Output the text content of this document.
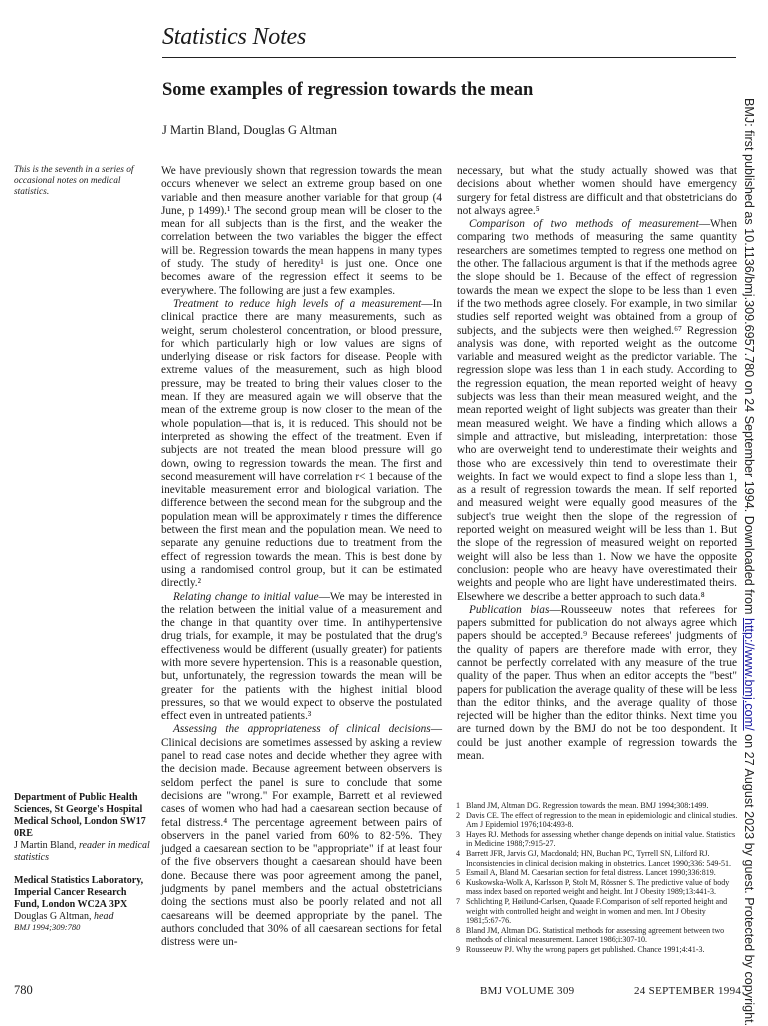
Statistics Notes
Some examples of regression towards the mean
J Martin Bland, Douglas G Altman
This is the seventh in a series of occasional notes on medical statistics.

We have previously shown that regression towards the mean occurs whenever we select an extreme group based on one variable and then measure another variable for that group (4 June, p 1499).¹ The second group mean will be closer to the mean for all subjects than is the first, and the weaker the correlation between the two variables the bigger the effect will be. Regression towards the mean happens in many types of study. The study of heredity¹ is just one. Once one becomes aware of the regression effect it seems to be everywhere. The following are just a few examples.

Treatment to reduce high levels of a measurement—In clinical practice there are many measurements, such as weight, serum cholesterol concentration, or blood pressure, for which particularly high or low values are signs of underlying disease or risk factors for disease. People with extreme values of the measurement, such as high blood pressure, may be treated to bring their values closer to the mean. If they are measured again we will observe that the mean of the extreme group is now closer to the mean of the whole population—that is, it is reduced. This should not be interpreted as showing the effect of the treatment. Even if subjects are not treated the mean blood pressure will go down, owing to regression towards the mean. The first and second measurement will have correlation r< 1 because of the inevitable measurement error and biological variation. The difference between the second mean for the subgroup and the population mean will be approximately r times the difference between the first mean and the population mean. We need to separate any genuine reductions due to treatment from the effect of regression towards the mean. This is best done by using a randomised control group, but it can be estimated directly.²

Relating change to initial value—We may be interested in the relation between the initial value of a measurement and the change in that quantity over time. In antihypertensive drug trials, for example, it may be postulated that the drug's effectiveness would be different (usually greater) for patients with more severe hypertension. This is a reasonable question, but, unfortunately, the regression towards the mean will be greater for the patients with the highest initial blood pressures, so that we would expect to observe the postulated effect even in untreated patients.³

Assessing the appropriateness of clinical decisions—Clinical decisions are sometimes assessed by asking a review panel to read case notes and decide whether they agree with the decision made. Because agreement between observers is seldom perfect the panel is sure to conclude that some decisions are "wrong." For example, Barrett et al reviewed cases of women who had had a caesarean section because of fetal distress.⁴ The percentage agreement between pairs of observers in the panel varied from 60% to 82·5%. They judged a caesarean section to be "appropriate" if at least four of the five observers thought a caesarean should have been done. Because there was poor agreement among the panel, judgments by panel members and the actual obstetricians doing the sections must also be poorly related and not all caesareans will be deemed appropriate by the panel. The authors concluded that 30% of all caesarean sections for fetal distress were un-

necessary, but what the study actually showed was that decisions about whether women should have emergency surgery for fetal distress are difficult and that obstetricians do not always agree.⁵

Comparison of two methods of measurement—When comparing two methods of measuring the same quantity researchers are sometimes tempted to regress one method on the other. The fallacious argument is that if the methods agree the slope should be 1. Because of the effect of regression towards the mean we expect the slope to be less than 1 even if the two methods agree closely. For example, in two similar studies self reported weight was obtained from a group of subjects, and the subjects were then weighed.⁶⁷ Regression analysis was done, with reported weight as the outcome variable and measured weight as the predictor variable. The regression slope was less than 1 in each study. According to the regression equation, the mean reported weight of heavy subjects was less than their mean measured weight, and the mean reported weight of light subjects was greater than their mean measured weight. We have a finding which allows a simple and attractive, but misleading, interpretation: those who are overweight tend to underestimate their weights and those who are excessively thin tend to overestimate their weights. In fact we would expect to find a slope less than 1, as a result of regression towards the mean. If self reported and measured weight were equally good measures of the subject's true weight then the slope of the regression of reported weight on measured weight will be less than 1. But the slope of the regression of measured weight on reported weight will also be less than 1. Now we have the opposite conclusion: people who are heavy have overestimated their weights and people who are light have underestimated theirs. Elsewhere we describe a better approach to such data.⁸

Publication bias—Rousseeuw notes that referees for papers submitted for publication do not always agree which papers should be accepted.⁹ Because referees' judgments of the quality of papers are therefore made with error, they cannot be perfectly correlated with any measure of the true quality of the paper. Thus when an editor accepts the "best" papers for publication the average quality of these will be less than the editor thinks, and the average quality of those rejected will be higher than the editor thinks. Next time you are turned down by the BMJ do not be too despondent. It could be just another example of regression towards the mean.

1 Bland JM, Altman DG. Regression towards the mean. BMJ 1994;308:1499.
2 Davis CE. The effect of regression to the mean in epidemiologic and clinical studies. Am J Epidemiol 1976;104:493-8.
3 Hayes RJ. Methods for assessing whether change depends on initial value. Statistics in Medicine 1988;7:915-27.
4 Barrett JFR, Jarvis GJ, Macdonald; HN, Buchan PC, Tyrrell SN, Lilford RJ. Inconsistencies in clinical decision making in obstetrics. Lancet 1990;336: 549-51.
5 Esmail A, Bland M. Caesarian section for fetal distress. Lancet 1990;336:819.
6 Kuskowska-Wolk A, Karlsson P, Stolt M, Rössner S. The predictive value of body mass index based on reported weight and height. Int J Obesity 1989;13:441-3.
7 Schlichting P, Høilund-Carlsen, Quaade F.Comparison of self reported height and weight with controlled height and weight in women and men. Int J Obesity 1981;5:67-76.
8 Bland JM, Altman DG. Statistical methods for assessing agreement between two methods of clinical measurement. Lancet 1986;i:307-10.
9 Rousseeuw PJ. Why the wrong papers get published. Chance 1991;4:41-3.
Department of Public Health Sciences, St George's Hospital Medical School, London SW17 0RE
J Martin Bland, reader in medical statistics
Medical Statistics Laboratory, Imperial Cancer Research Fund, London WC2A 3PX
Douglas G Altman, head
BMJ 1994;309:780
780	BMJ VOLUME 309	24 SEPTEMBER 1994
BMJ: first published as 10.1136/bmj.309.6957.780 on 24 September 1994. Downloaded from http://www.bmj.com/ on 27 August 2023 by guest. Protected by copyright.
